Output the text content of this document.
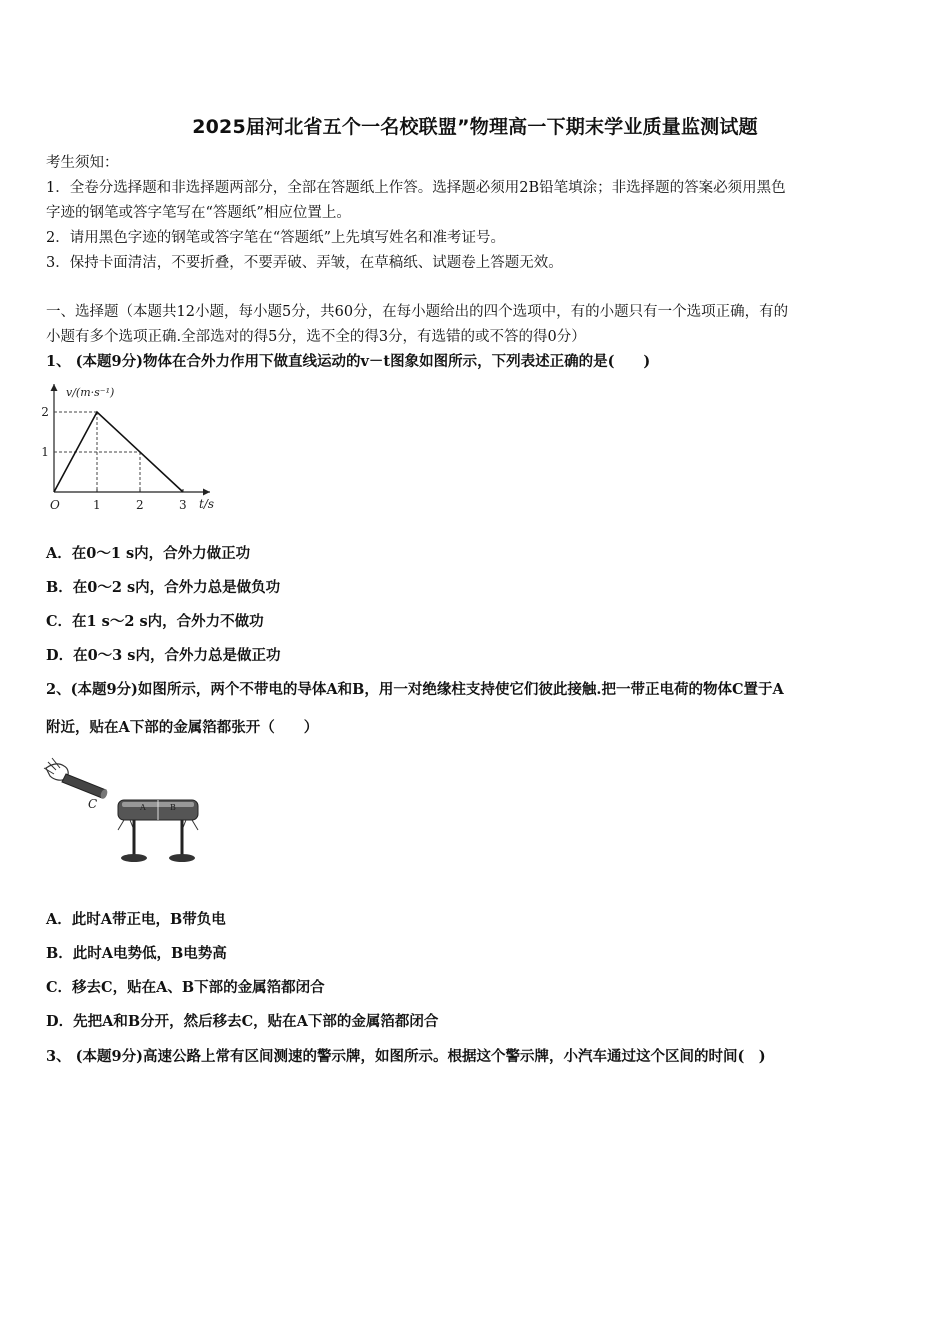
2025届河北省五个一名校联盟”物理高一下期末学业质量监测试题
考生须知：
1．全卷分选择题和非选择题两部分，全部在答题纸上作答。选择题必须用2B铅笔填涂；非选择题的答案必须用黑色
字迹的钢笔或答字笔写在“答题纸”相应位置上。
2．请用黑色字迹的钢笔或答字笔在“答题纸”上先填写姓名和准考证号。
3．保持卡面清洁，不要折叠，不要弄破、弄皱，在草稿纸、试题卷上答题无效。
一、选择题（本题共12小题，每小题5分，共60分，在每小题给出的四个选项中，有的小题只有一个选项正确，有的
小题有多个选项正确.全部选对的得5分，选不全的得3分，有选错的或不答的得0分）
1、 (本题9分)物体在合外力作用下做直线运动的v－t图象如图所示，下列表述正确的是(　　)
1	2	3
1
2
v/(m·s⁻¹)
t/s
O
A．在0～1 s内，合外力做正功
B．在0～2 s内，合外力总是做负功
C．在1 s～2 s内，合外力不做功
D．在0～3 s内，合外力总是做正功
2、(本题9分)如图所示，两个不带电的导体A和B，用一对绝缘柱支持使它们彼此接触.把一带正电荷的物体C置于A
附近，贴在A下部的金属箔都张开（　　）
C	A	B
A．此时A带正电，B带负电
B．此时A电势低，B电势高
C．移去C，贴在A、B下部的金属箔都闭合
D．先把A和B分开，然后移去C，贴在A下部的金属箔都闭合
3、 (本题9分)高速公路上常有区间测速的警示牌，如图所示。根据这个警示牌，小汽车通过这个区间的时间(　)
